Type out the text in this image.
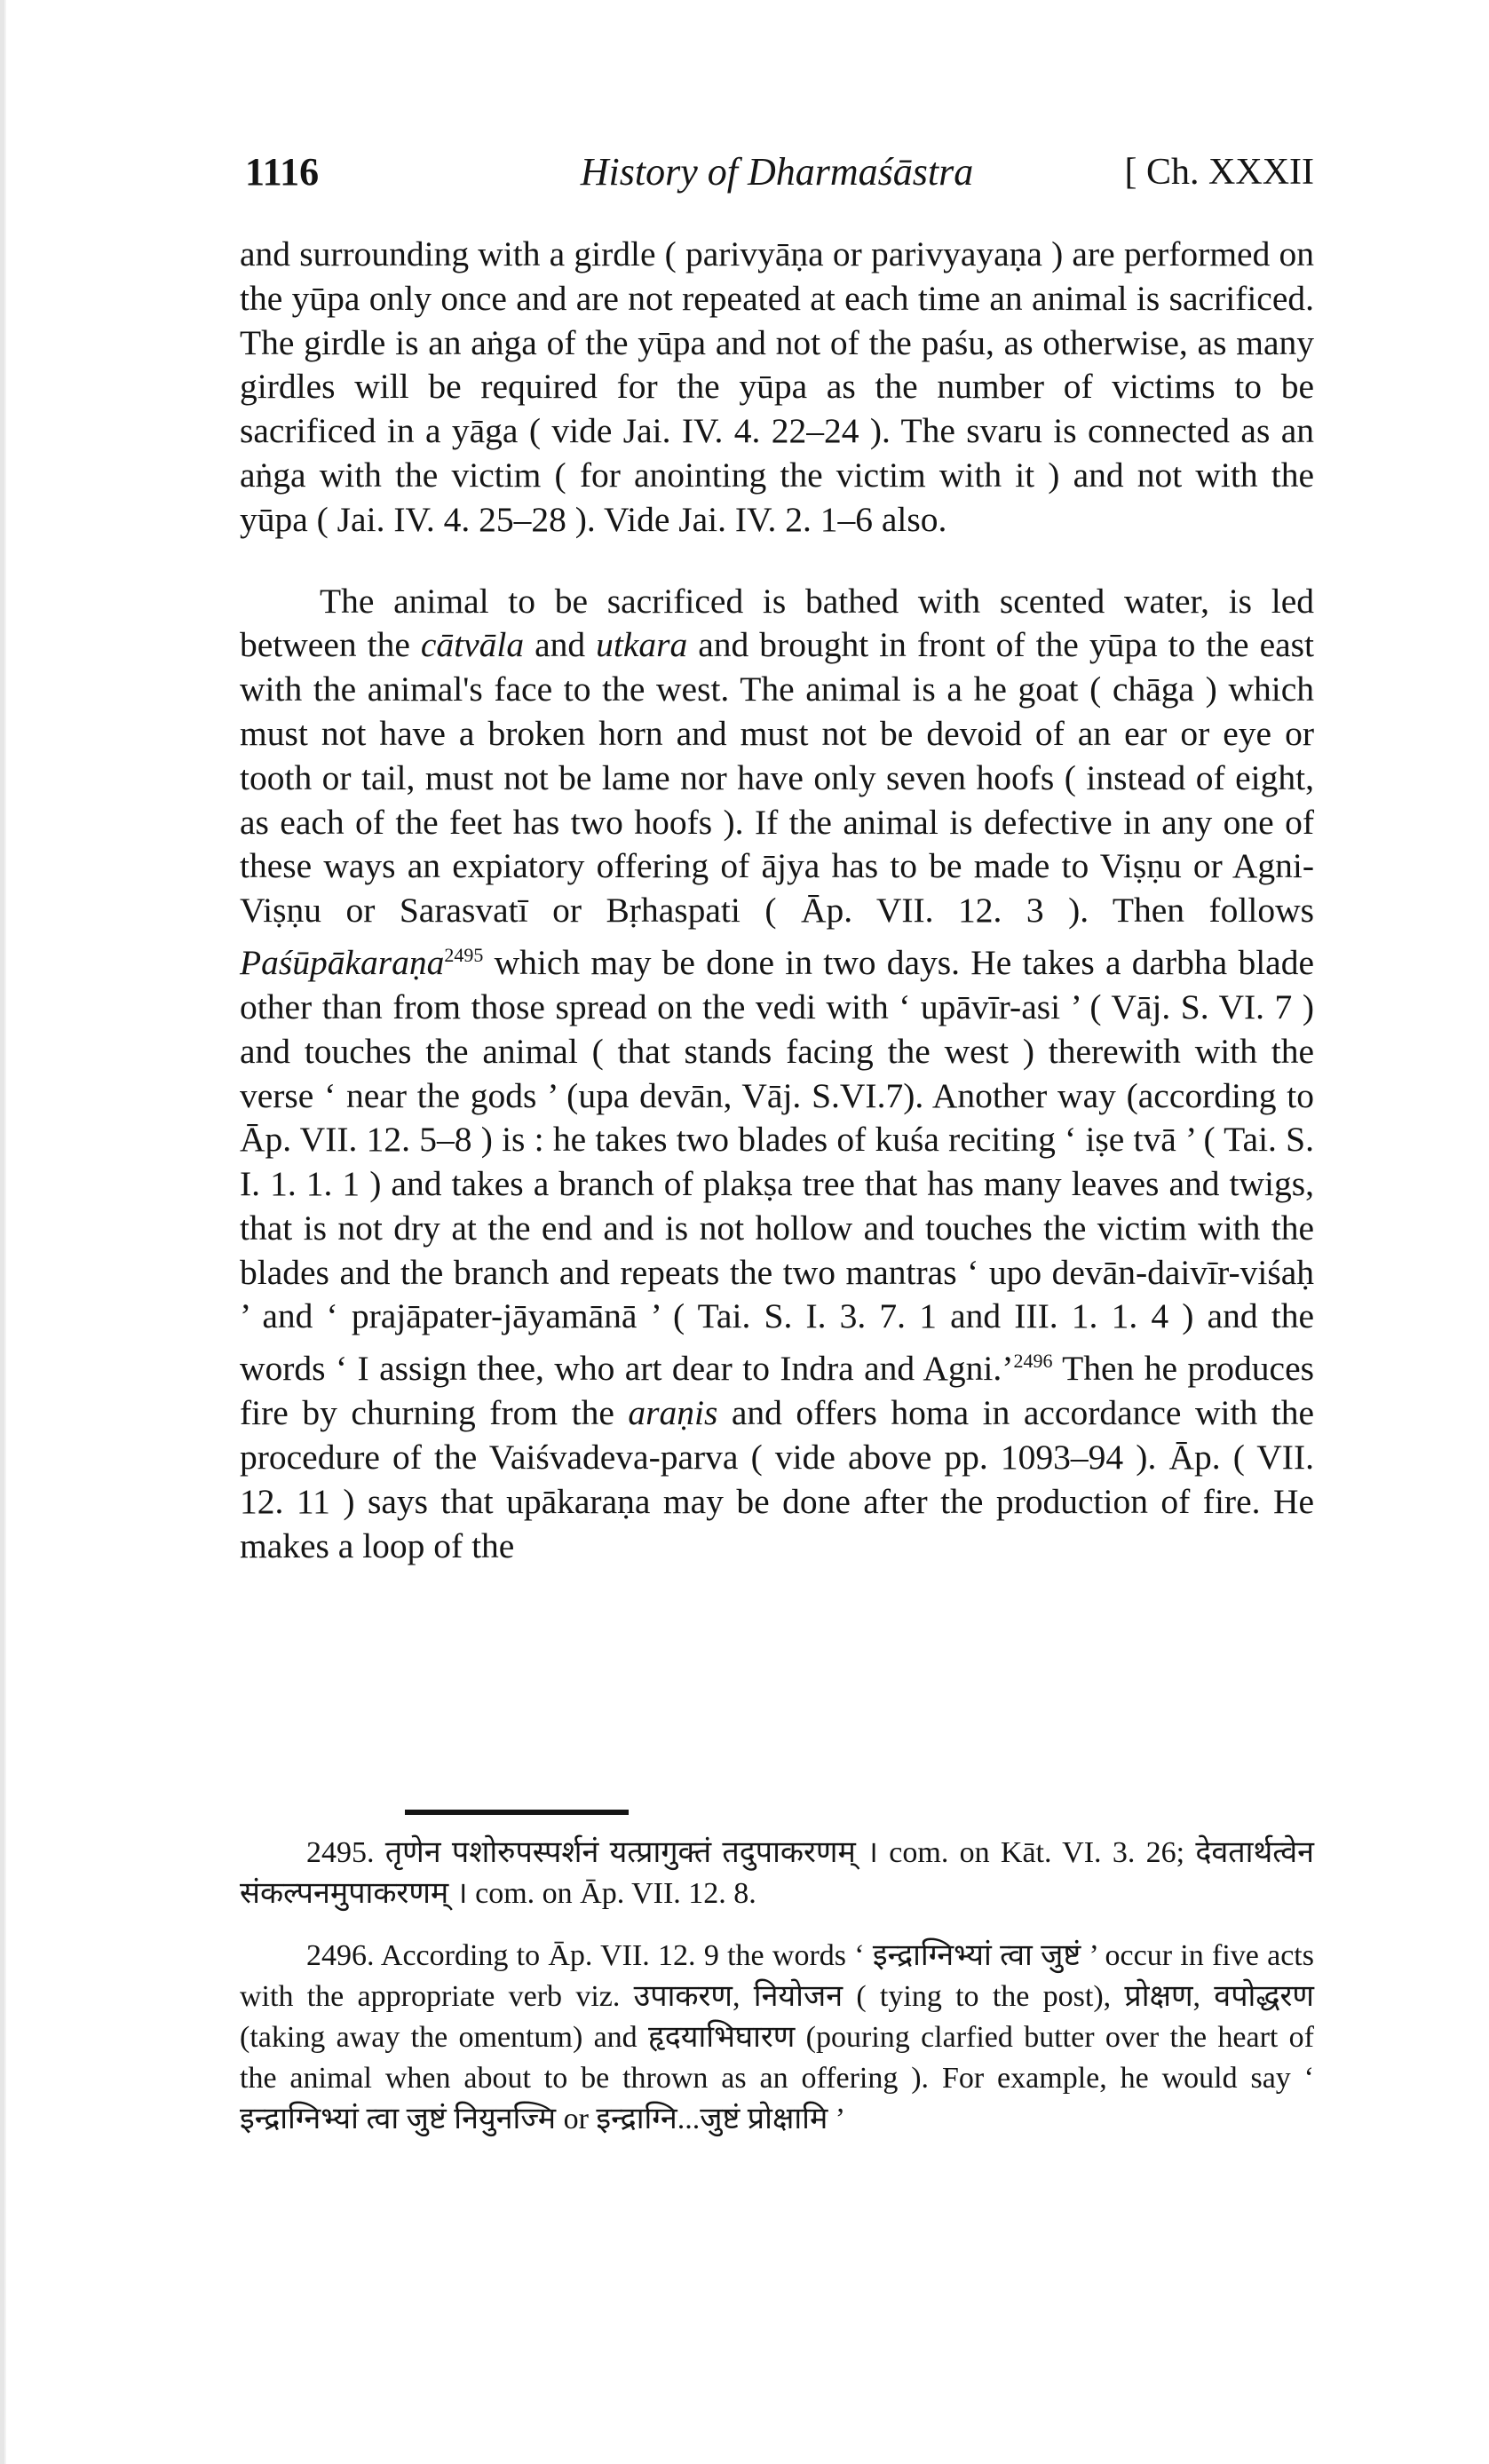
1116	History of Dharmaśāstra	[ Ch. XXXII

and surrounding with a girdle ( parivyāṇa or parivyayaṇa ) are performed on the yūpa only once and are not repeated at each time an animal is sacrificed. The girdle is an aṅga of the yūpa and not of the paśu, as otherwise, as many girdles will be required for the yūpa as the number of victims to be sacrificed in a yāga ( vide Jai. IV. 4. 22–24 ). The svaru is connected as an aṅga with the victim ( for anointing the victim with it ) and not with the yūpa ( Jai. IV. 4. 25–28 ). Vide Jai. IV. 2. 1–6 also.

The animal to be sacrificed is bathed with scented water, is led between the cātvāla and utkara and brought in front of the yūpa to the east with the animal's face to the west. The animal is a he goat ( chāga ) which must not have a broken horn and must not be devoid of an ear or eye or tooth or tail, must not be lame nor have only seven hoofs ( instead of eight, as each of the feet has two hoofs ). If the animal is defective in any one of these ways an expiatory offering of ājya has to be made to Viṣṇu or Agni-Viṣṇu or Sarasvatī or Bṛhaspati ( Āp. VII. 12. 3 ). Then follows Paśūpākaraṇa$^{2495}$ which may be done in two days. He takes a darbha blade other than from those spread on the vedi with ‘ upāvīr-asi ’ ( Vāj. S. VI. 7 ) and touches the animal ( that stands facing the west ) therewith with the verse ‘ near the gods ’ (upa devān, Vāj. S.VI.7). Another way (according to Āp. VII. 12. 5–8 ) is : he takes two blades of kuśa reciting ‘ iṣe tvā ’ ( Tai. S. I. 1. 1. 1 ) and takes a branch of plakṣa tree that has many leaves and twigs, that is not dry at the end and is not hollow and touches the victim with the blades and the branch and repeats the two mantras ‘ upo devān-daivīr-viśaḥ ’ and ‘ prajāpater-jāyamānā ’ ( Tai. S. I. 3. 7. 1 and III. 1. 1. 4 ) and the words ‘ I assign thee, who art dear to Indra and Agni.’$^{2496}$ Then he produces fire by churning from the araṇis and offers homa in accordance with the procedure of the Vaiśvadeva-parva ( vide above pp. 1093–94 ). Āp. ( VII. 12. 11 ) says that upākaraṇa may be done after the production of fire. He makes a loop of the

2495. तृणेन पशोरुपस्पर्शनं यत्प्रागुक्तं तदुपाकरणम् । com. on Kāt. VI. 3. 26; देवतार्थत्वेन संकल्पनमुपाकरणम् । com. on Āp. VII. 12. 8.

2496. According to Āp. VII. 12. 9 the words ‘ इन्द्राग्निभ्यां त्वा जुष्टं ’ occur in five acts with the appropriate verb viz. उपाकरण, नियोजन ( tying to the post), प्रोक्षण, वपोद्धरण (taking away the omentum) and हृदयाभिघारण (pouring clarfied butter over the heart of the animal when about to be thrown as an offering ). For example, he would say ‘ इन्द्राग्निभ्यां त्वा जुष्टं नियुनज्मि or इन्द्राग्नि...जुष्टं प्रोक्षामि ’
